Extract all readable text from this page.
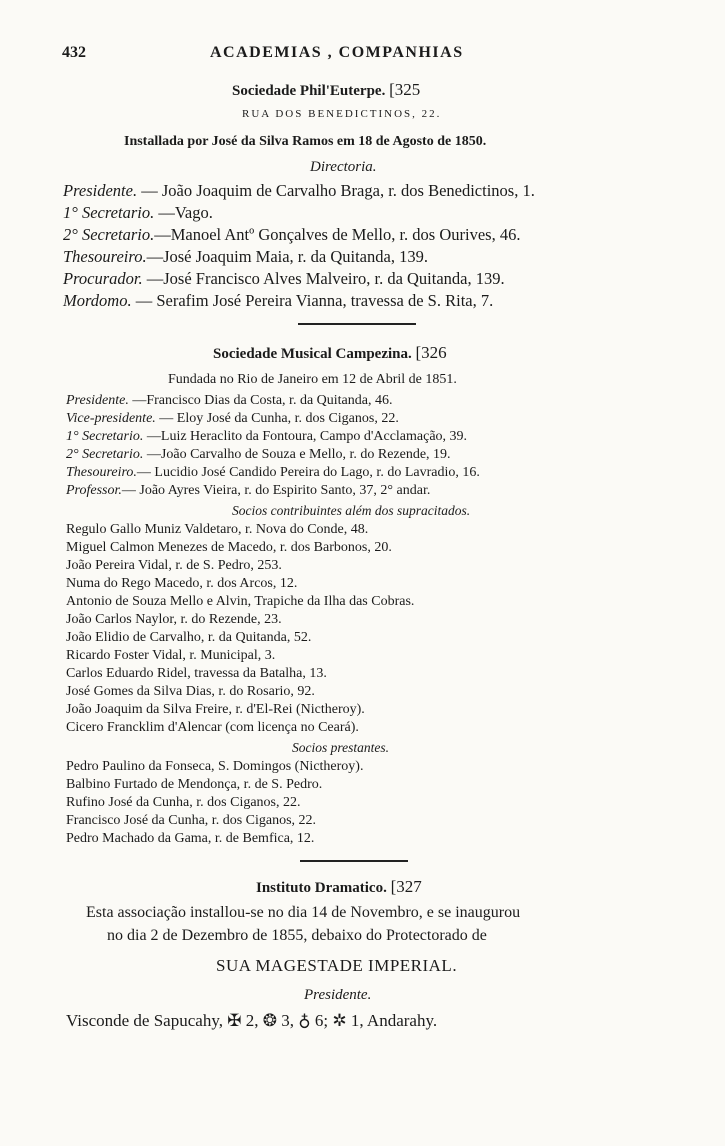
432	ACADEMIAS , COMPANHIAS
Sociedade Phil'Euterpe. [325
RUA DOS BENEDICTINOS, 22.
Installada por José da Silva Ramos em 18 de Agosto de 1850.
Directoria.
Presidente. — João Joaquim de Carvalho Braga, r. dos Benedictinos, 1.
1° Secretario. —Vago.
2° Secretario.—Manoel Antº Gonçalves de Mello, r. dos Ourives, 46.
Thesoureiro.—José Joaquim Maia, r. da Quitanda, 139.
Procurador. —José Francisco Alves Malveiro, r. da Quitanda, 139.
Mordomo. — Serafim José Pereira Vianna, travessa de S. Rita, 7.
Sociedade Musical Campezina. [326
Fundada no Rio de Janeiro em 12 de Abril de 1851.
Presidente. —Francisco Dias da Costa, r. da Quitanda, 46.
Vice-presidente. — Eloy José da Cunha, r. dos Ciganos, 22.
1° Secretario. —Luiz Heraclito da Fontoura, Campo d'Acclamação, 39.
2° Secretario. —João Carvalho de Souza e Mello, r. do Rezende, 19.
Thesoureiro.— Lucidio José Candido Pereira do Lago, r. do Lavradio, 16.
Professor.— João Ayres Vieira, r. do Espirito Santo, 37, 2° andar.
Socios contribuintes além dos supracitados.
Regulo Gallo Muniz Valdetaro, r. Nova do Conde, 48.
Miguel Calmon Menezes de Macedo, r. dos Barbonos, 20.
João Pereira Vidal, r. de S. Pedro, 253.
Numa do Rego Macedo, r. dos Arcos, 12.
Antonio de Souza Mello e Alvin, Trapiche da Ilha das Cobras.
João Carlos Naylor, r. do Rezende, 23.
João Elidio de Carvalho, r. da Quitanda, 52.
Ricardo Foster Vidal, r. Municipal, 3.
Carlos Eduardo Ridel, travessa da Batalha, 13.
José Gomes da Silva Dias, r. do Rosario, 92.
João Joaquim da Silva Freire, r. d'El-Rei (Nictheroy).
Cicero Francklim d'Alencar (com licença no Ceará).
Socios prestantes.
Pedro Paulino da Fonseca, S. Domingos (Nictheroy).
Balbino Furtado de Mendonça, r. de S. Pedro.
Rufino José da Cunha, r. dos Ciganos, 22.
Francisco José da Cunha, r. dos Ciganos, 22.
Pedro Machado da Gama, r. de Bemfica, 12.
Instituto Dramatico. [327
Esta associação installou-se no dia 14 de Novembro, e se inaugurou
no dia 2 de Dezembro de 1855, debaixo do Protectorado de
SUA MAGESTADE IMPERIAL.
Presidente.
Visconde de Sapucahy, ✠ 2, ❂ 3, ♁ 6; ✲ 1, Andarahy.
